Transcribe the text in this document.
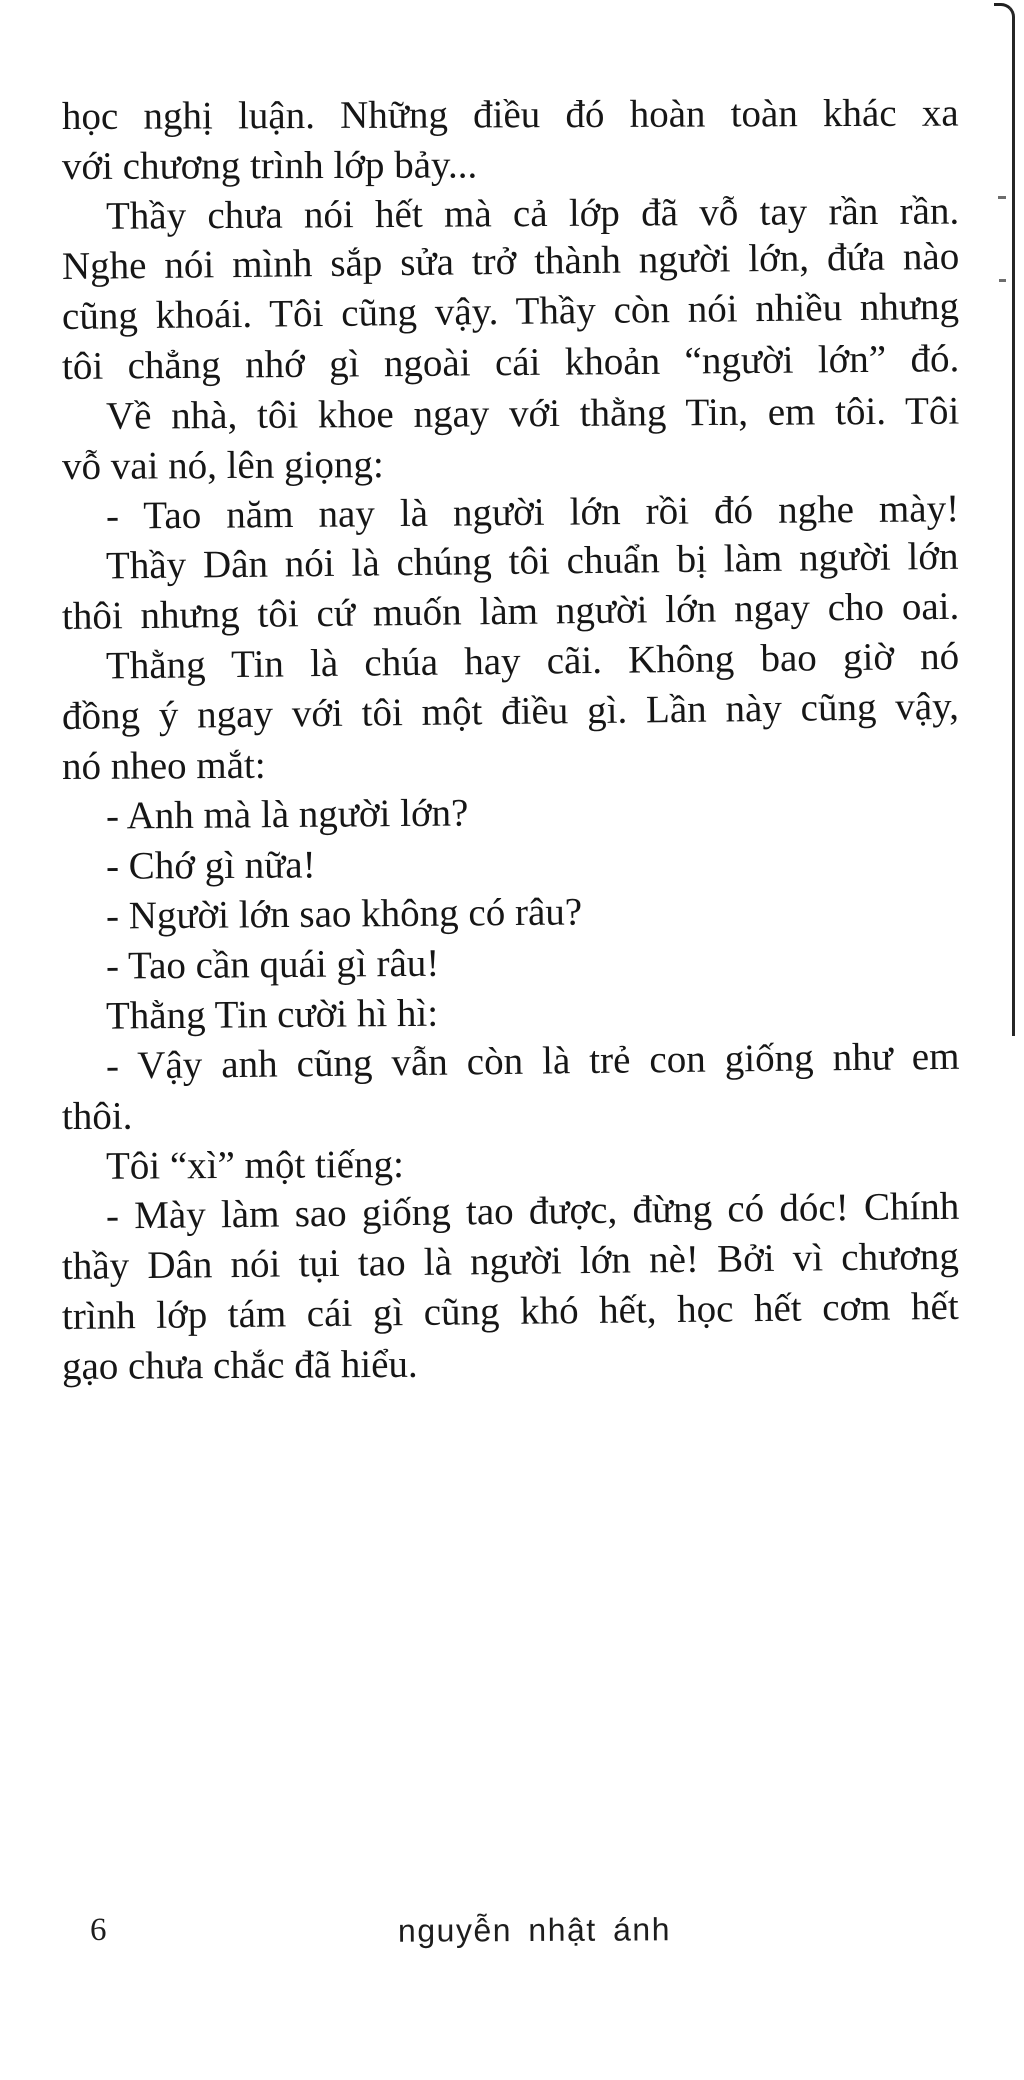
học nghị luận. Những điều đó hoàn toàn khác xa
với chương trình lớp bảy...

Thầy chưa nói hết mà cả lớp đã vỗ tay rần rần.
Nghe nói mình sắp sửa trở thành người lớn, đứa nào
cũng khoái. Tôi cũng vậy. Thầy còn nói nhiều nhưng
tôi chẳng nhớ gì ngoài cái khoản “người lớn” đó.

Về nhà, tôi khoe ngay với thằng Tin, em tôi. Tôi
vỗ vai nó, lên giọng:

- Tao năm nay là người lớn rồi đó nghe mày!

Thầy Dân nói là chúng tôi chuẩn bị làm người lớn
thôi nhưng tôi cứ muốn làm người lớn ngay cho oai.

Thằng Tin là chúa hay cãi. Không bao giờ nó
đồng ý ngay với tôi một điều gì. Lần này cũng vậy,
nó nheo mắt:

- Anh mà là người lớn?

- Chớ gì nữa!

- Người lớn sao không có râu?

- Tao cần quái gì râu!

Thằng Tin cười hì hì:

- Vậy anh cũng vẫn còn là trẻ con giống như em
thôi.

Tôi “xì” một tiếng:

- Mày làm sao giống tao được, đừng có dóc! Chính
thầy Dân nói tụi tao là người lớn nè! Bởi vì chương
trình lớp tám cái gì cũng khó hết, học hết cơm hết
gạo chưa chắc đã hiểu.

6	nguyễn nhật ánh
